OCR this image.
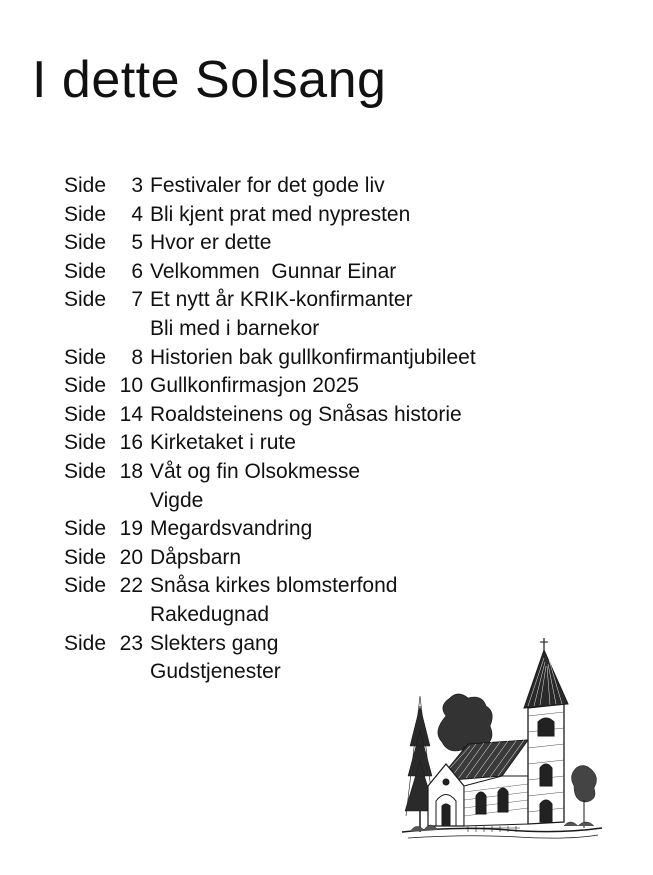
I dette Solsang
Side	3 Festivaler for det gode liv
Side	4 Bli kjent prat med nypresten
Side	5 Hvor er dette
Side	6 Velkommen  Gunnar Einar
Side	7 Et nytt år KRIK-konfirmanter
Bli med i barnekor
Side	8 Historien bak gullkonfirmantjubileet
Side 10 Gullkonfirmasjon 2025
Side 14 Roaldsteinens og Snåsas historie
Side 16 Kirketaket i rute
Side 18 Våt og fin Olsokmesse
Vigde
Side 19 Megardsvandring
Side 20 Dåpsbarn
Side 22 Snåsa kirkes blomsterfond
Rakedugnad
Side 23 Slekters gang
Gudstjenester
